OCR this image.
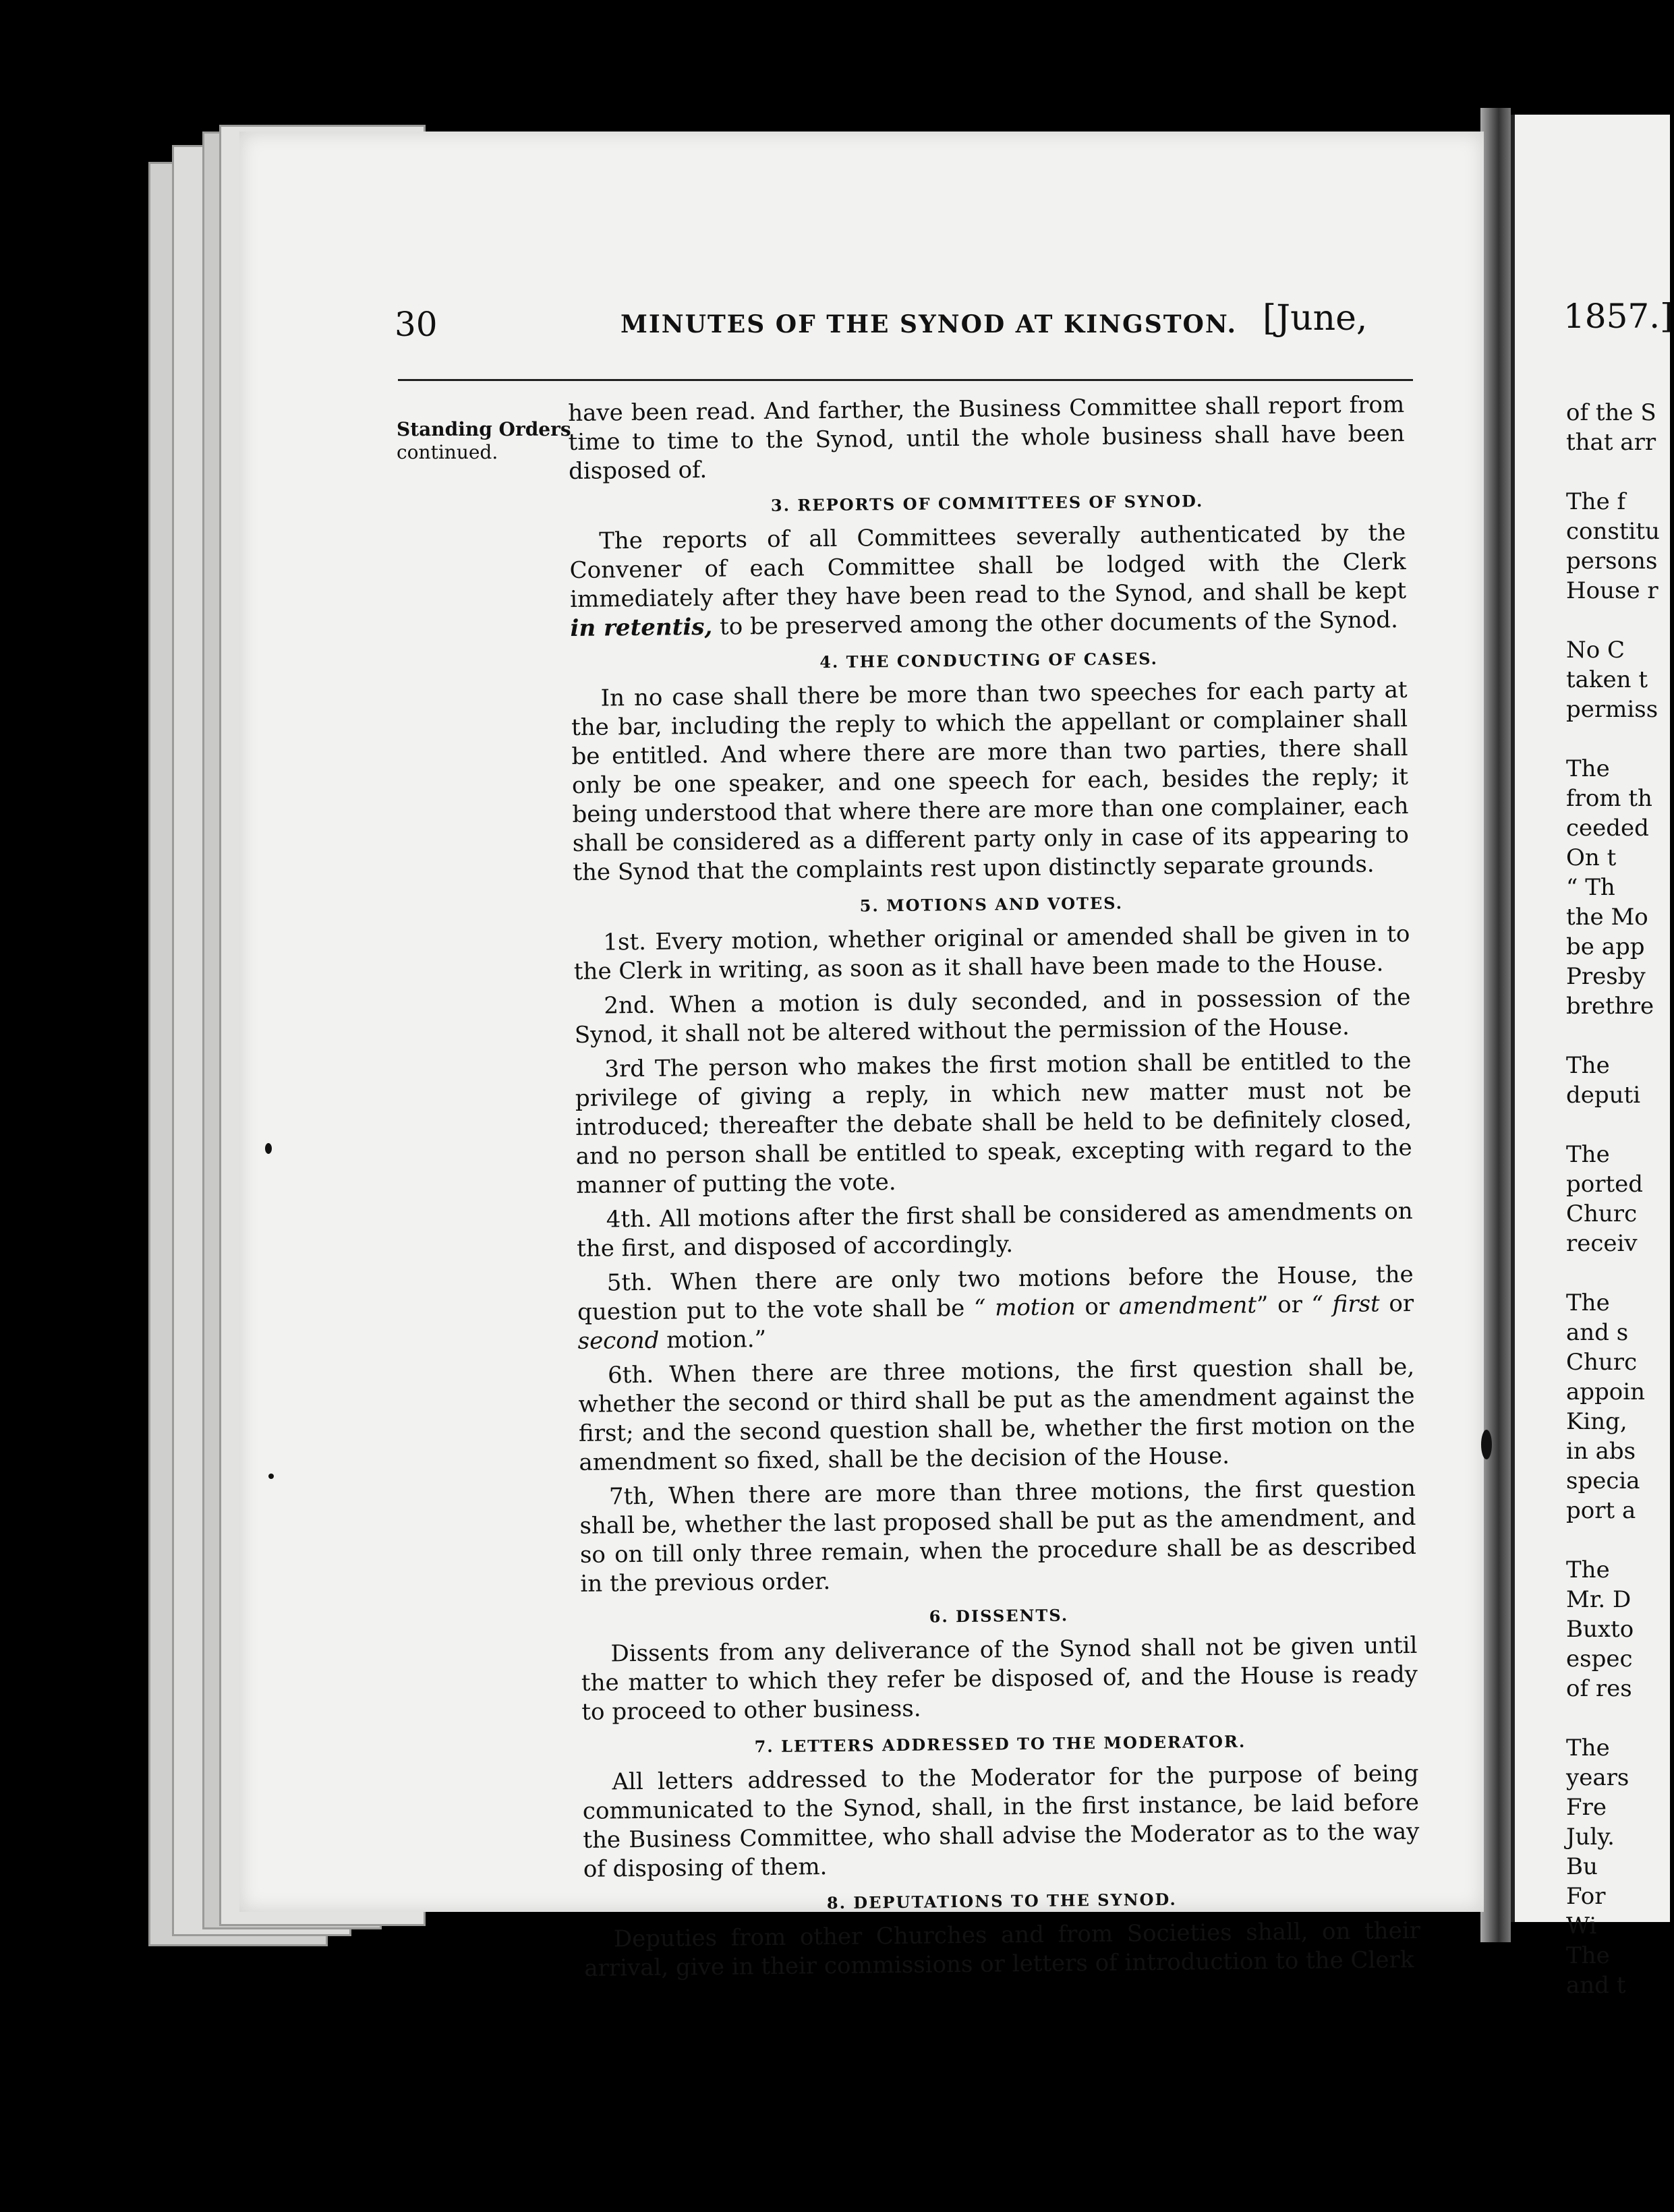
30	MINUTES OF THE SYNOD AT KINGSTON. [June,
Standing Orders
continued.

have been read. And farther, the Business Committee shall report from time to time to the Synod, until the whole business shall have been disposed of.

3. REPORTS OF COMMITTEES OF SYNOD.

The reports of all Committees severally authenticated by the Convener of each Committee shall be lodged with the Clerk immediately after they have been read to the Synod, and shall be kept in retentis, to be preserved among the other documents of the Synod.

4. THE CONDUCTING OF CASES.

In no case shall there be more than two speeches for each party at the bar, including the reply to which the appellant or complainer shall be entitled. And where there are more than two parties, there shall only be one speaker, and one speech for each, besides the reply; it being understood that where there are more than one complainer, each shall be considered as a different party only in case of its appearing to the Synod that the complaints rest upon distinctly separate grounds.

5. MOTIONS AND VOTES.

1st. Every motion, whether original or amended shall be given in to the Clerk in writing, as soon as it shall have been made to the House.

2nd. When a motion is duly seconded, and in possession of the Synod, it shall not be altered without the permission of the House.

3rd The person who makes the first motion shall be entitled to the privilege of giving a reply, in which new matter must not be introduced; thereafter the debate shall be held to be definitely closed, and no person shall be entitled to speak, excepting with regard to the manner of putting the vote.

4th. All motions after the first shall be considered as amendments on the first, and disposed of accordingly.

5th. When there are only two motions before the House, the question put to the vote shall be “ motion or amendment” or “ first or second motion.”

6th. When there are three motions, the first question shall be, whether the second or third shall be put as the amendment against the first; and the second question shall be, whether the first motion on the amendment so fixed, shall be the decision of the House.

7th, When there are more than three motions, the first question shall be, whether the last proposed shall be put as the amendment, and so on till only three remain, when the procedure shall be as described in the previous order.

6. DISSENTS.

Dissents from any deliverance of the Synod shall not be given until the matter to which they refer be disposed of, and the House is ready to proceed to other business.

7. LETTERS ADDRESSED TO THE MODERATOR.

All letters addressed to the Moderator for the purpose of being communicated to the Synod, shall, in the first instance, be laid before the Business Committee, who shall advise the Moderator as to the way of disposing of them.

8. DEPUTATIONS TO THE SYNOD.

Deputies from other Churches and from Societies shall, on their arrival, give in their commissions or letters of introduction to the Clerk

1857.]
of the S
that arr
The f
constitu
persons
House r
No C
taken t
permiss
The
from th
ceeded
On t
“ Th
the Mo
be app
Presby
brethre
The
deputi
The
ported
Churc
receiv
The
and s
Churc
appoin
King,
in abs
specia
port a
The
Mr. D
Buxto
espec
of res
The
years
Fre
July.
Bu
For
Wi
The
and t
